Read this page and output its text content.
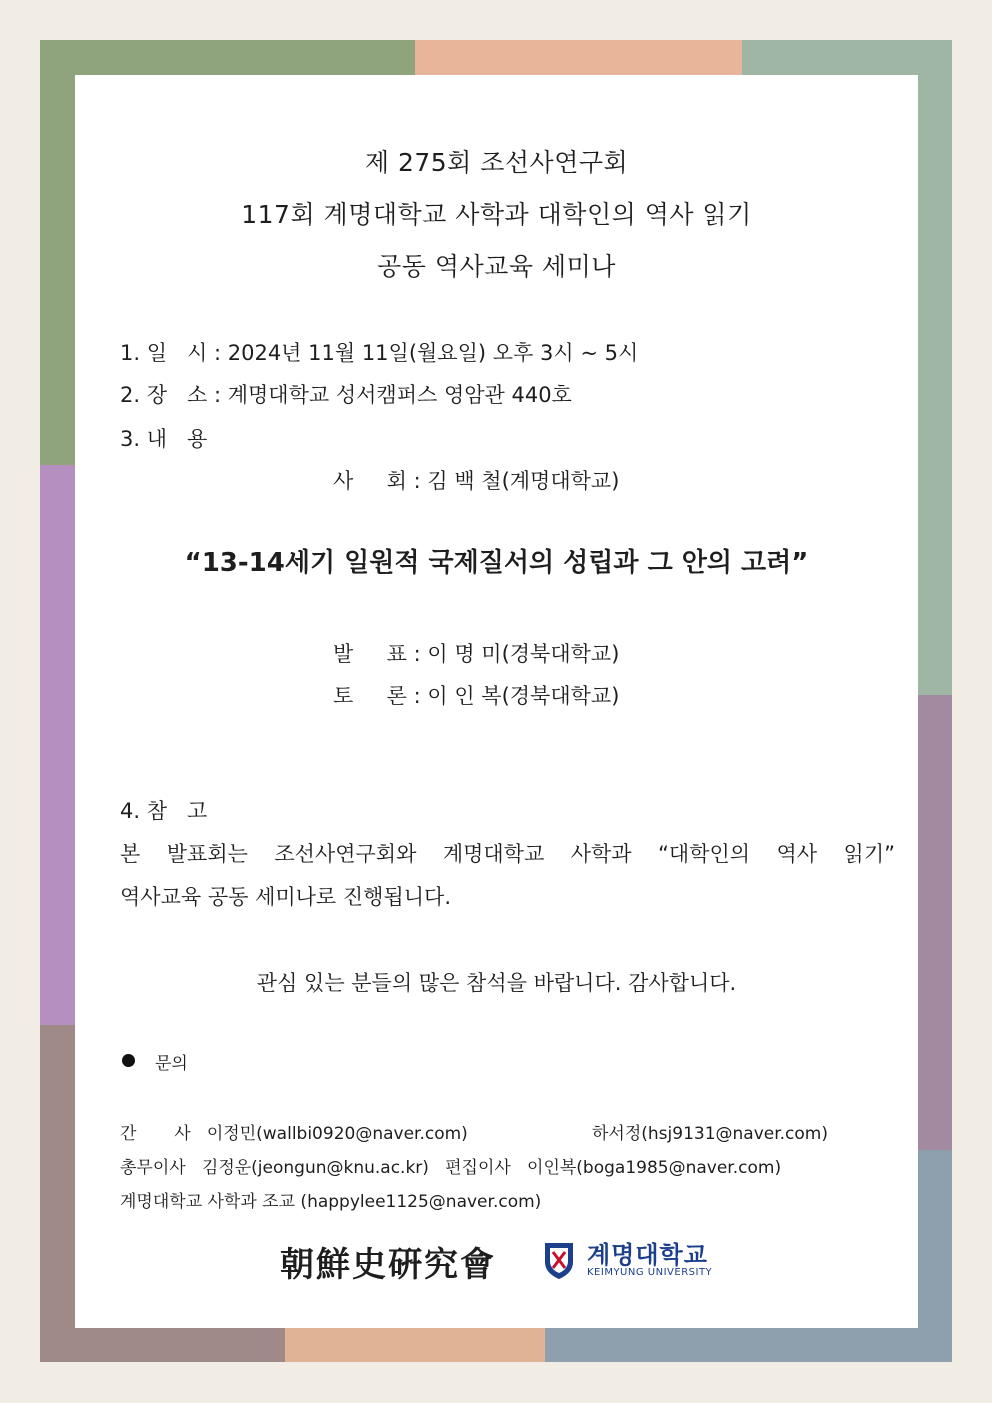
제 275회 조선사연구회
117회 계명대학교 사학과 대학인의 역사 읽기
공동 역사교육 세미나
1. 일   시 : 2024년 11월 11일(월요일) 오후 3시 ~ 5시
2. 장   소 : 계명대학교 성서캠퍼스 영암관 440호
3. 내   용
사     회 : 김 백 철(계명대학교)
“13-14세기 일원적 국제질서의 성립과 그 안의 고려”
발     표 : 이 명 미(경북대학교)
토     론 : 이 인 복(경북대학교)
4. 참   고
본 발표회는 조선사연구회와 계명대학교 사학과 “대학인의 역사 읽기”
역사교육 공동 세미나로 진행됩니다.
관심 있는 분들의 많은 참석을 바랍니다. 감사합니다.
문의
간       사   이정민(wallbi0920@naver.com)	하서정(hsj9131@naver.com)
총무이사   김정운(jeongun@knu.ac.kr)   편집이사   이인복(boga1985@naver.com)
계명대학교 사학과 조교 (happylee1125@naver.com)
朝鮮史硏究會	계명대학교
KEIMYUNG UNIVERSITY
